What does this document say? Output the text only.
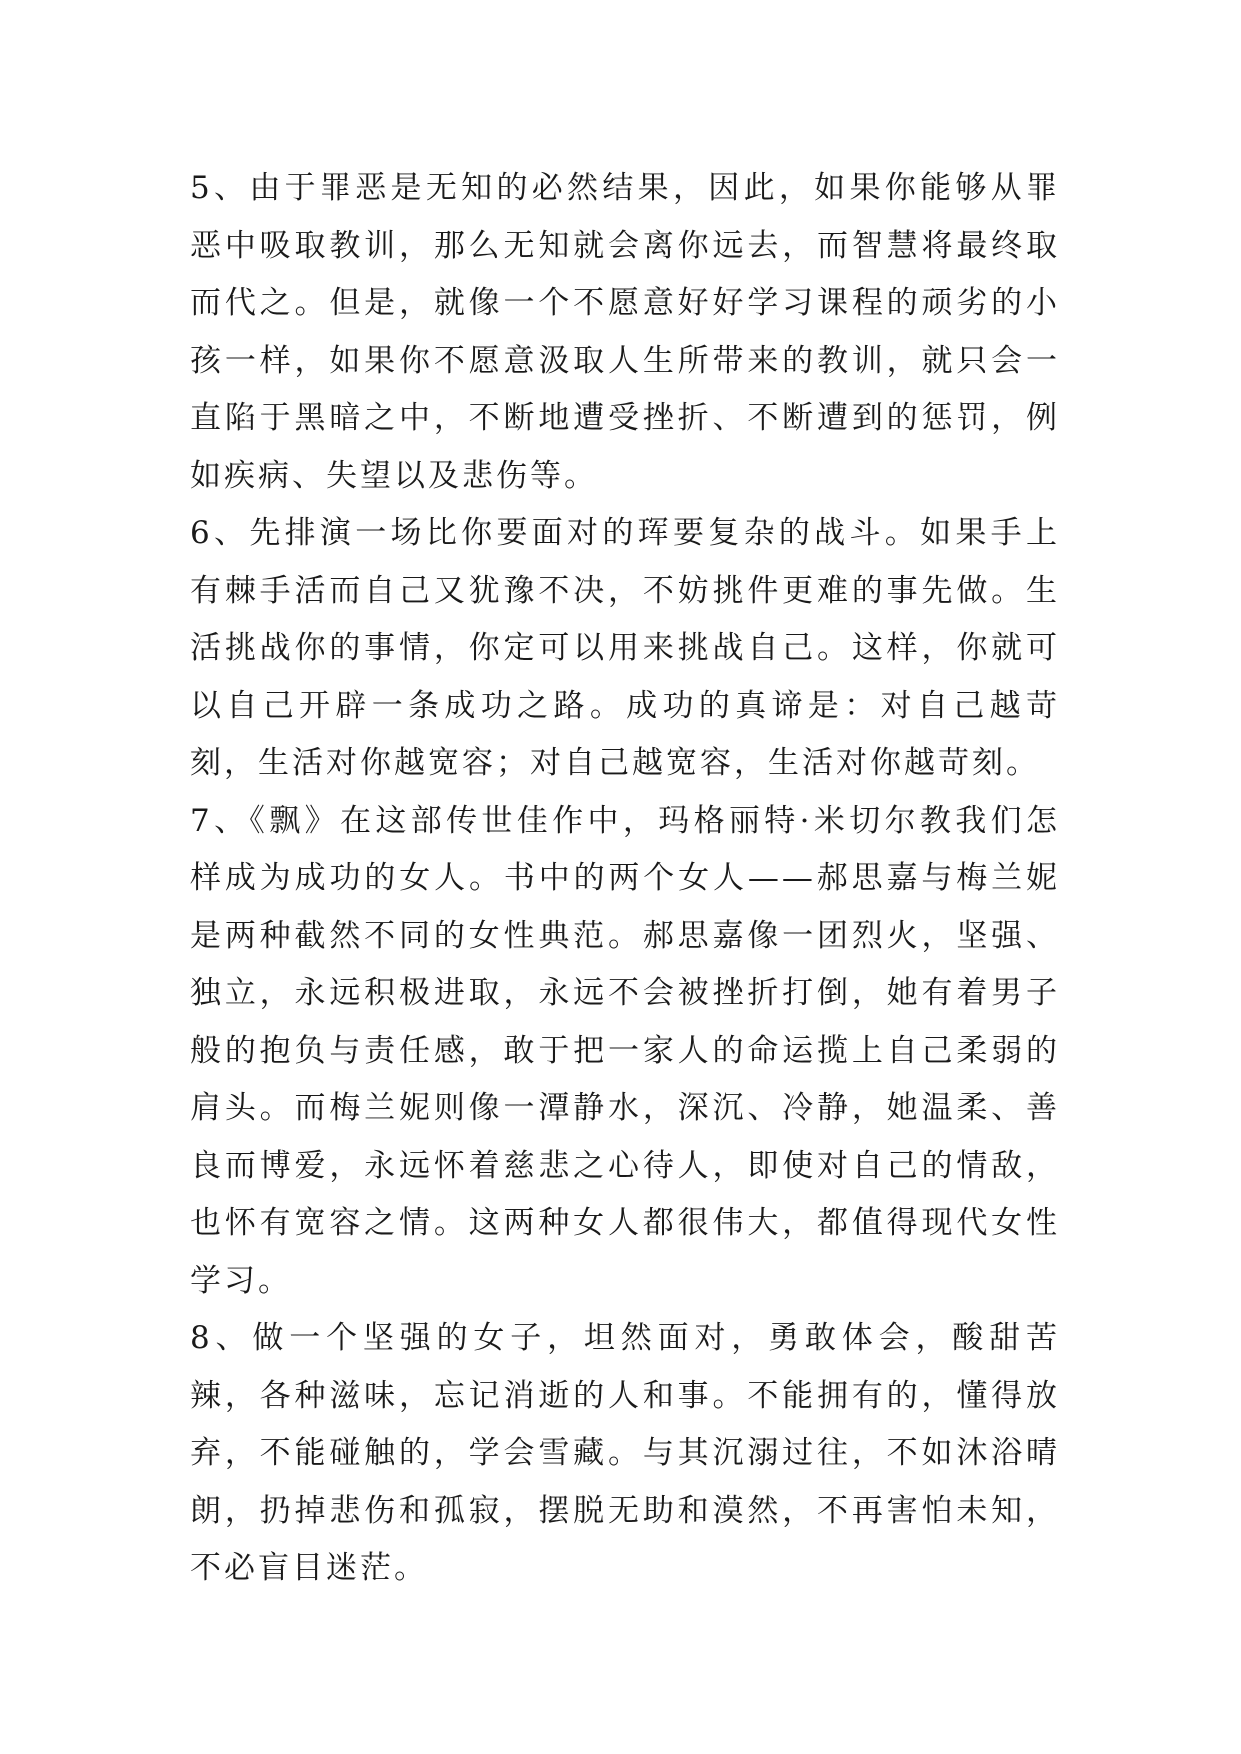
5、由于罪恶是无知的必然结果，因此，如果你能够从罪恶中吸取教训，那么无知就会离你远去，而智慧将最终取而代之。但是，就像一个不愿意好好学习课程的顽劣的小孩一样，如果你不愿意汲取人生所带来的教训，就只会一直陷于黑暗之中，不断地遭受挫折、不断遭到的惩罚，例如疾病、失望以及悲伤等。

6、先排演一场比你要面对的珲要复杂的战斗。如果手上有棘手活而自己又犹豫不决，不妨挑件更难的事先做。生活挑战你的事情，你定可以用来挑战自己。这样，你就可以自己开辟一条成功之路。成功的真谛是：对自己越苛刻，生活对你越宽容；对自己越宽容，生活对你越苛刻。

7、《飘》在这部传世佳作中，玛格丽特·米切尔教我们怎样成为成功的女人。书中的两个女人——郝思嘉与梅兰妮是两种截然不同的女性典范。郝思嘉像一团烈火，坚强、独立，永远积极进取，永远不会被挫折打倒，她有着男子般的抱负与责任感，敢于把一家人的命运揽上自己柔弱的肩头。而梅兰妮则像一潭静水，深沉、冷静，她温柔、善良而博爱，永远怀着慈悲之心待人，即使对自己的情敌，也怀有宽容之情。这两种女人都很伟大，都值得现代女性学习。

8、做一个坚强的女子，坦然面对，勇敢体会，酸甜苦辣，各种滋味，忘记消逝的人和事。不能拥有的，懂得放弃，不能碰触的，学会雪藏。与其沉溺过往，不如沐浴晴朗，扔掉悲伤和孤寂，摆脱无助和漠然，不再害怕未知，不必盲目迷茫。
